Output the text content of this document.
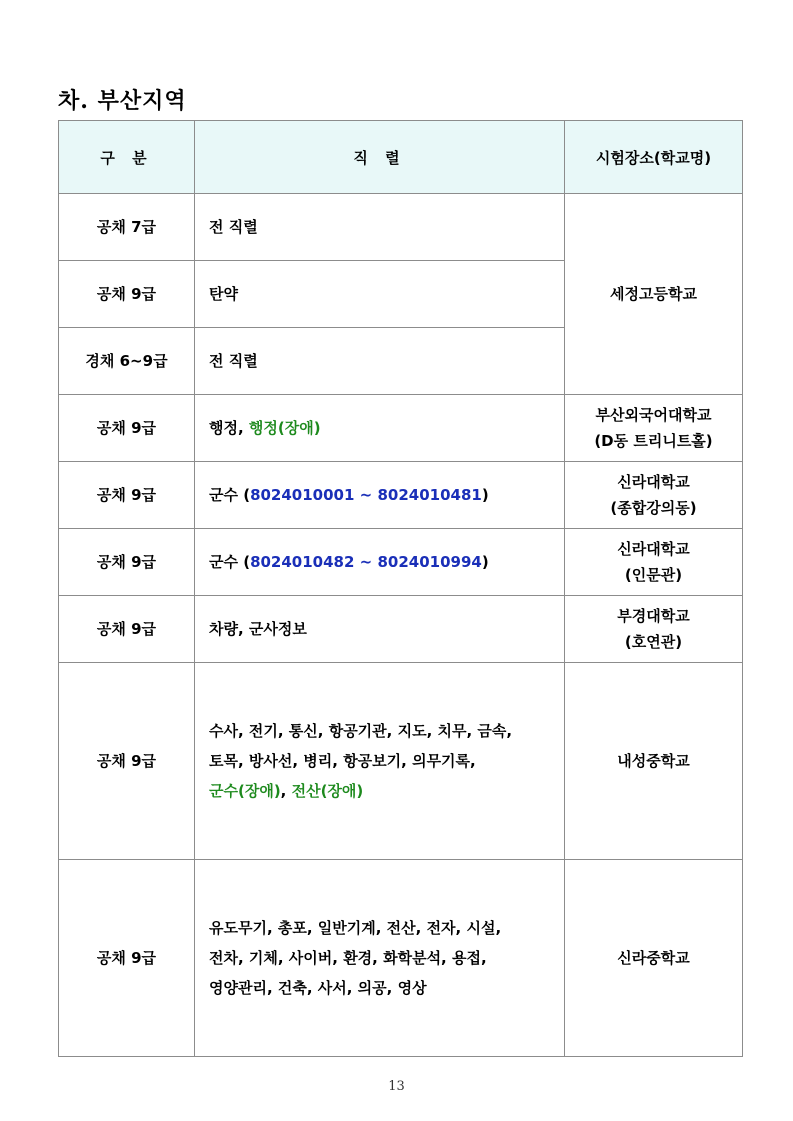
차. 부산지역
구 분	직 렬	시험장소(학교명)
공채 7급	전 직렬	세정고등학교
공채 9급	탄약	
경채 6~9급	전 직렬	
공채 9급	행정, 행정(장애)	부산외국어대학교
(D동 트리니트홀)

공채 9급	군수 (8024010001 ~ 8024010481)	신라대학교
(종합강의동)

공채 9급	군수 (8024010482 ~ 8024010994)	신라대학교
(인문관)

공채 9급	차량, 군사정보	부경대학교
(호연관)

공채 9급	수사, 전기, 통신, 항공기관, 지도, 치무, 금속,
토목, 방사선, 병리, 항공보기, 의무기록,
군수(장애), 전산(장애)	내성중학교
공채 9급	유도무기, 총포, 일반기계, 전산, 전자, 시설,
전차, 기체, 사이버, 환경, 화학분석, 용접,
영양관리, 건축, 사서, 의공, 영상	신라중학교
13
